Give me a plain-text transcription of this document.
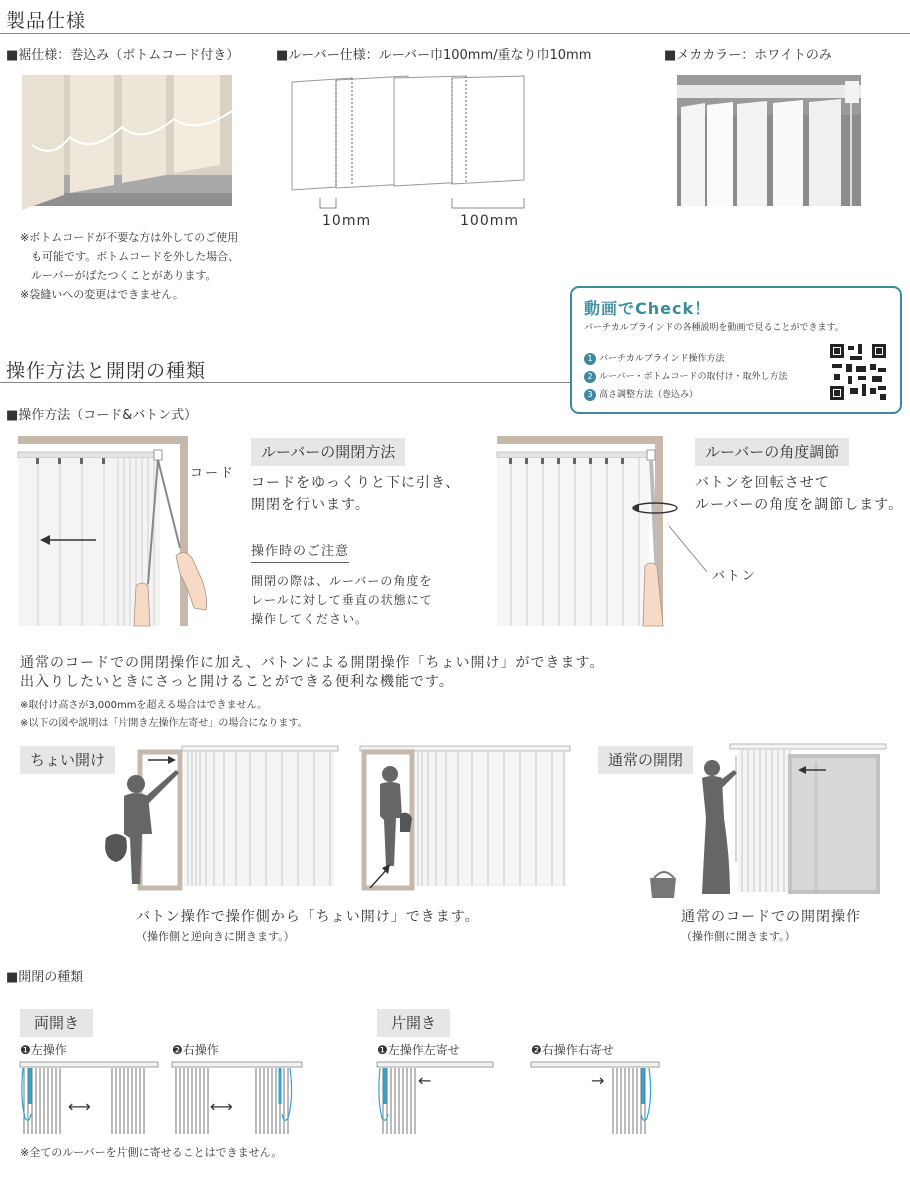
製品仕様
■裾仕様：巻込み（ボトムコード付き）	■ルーバー仕様：ルーバー巾100mm/重なり巾10mm	■メカカラー：ホワイトのみ
10mm	100mm
※ボトムコードが不要な方は外してのご使用
　も可能です。ボトムコードを外した場合、
　ルーバーがばたつくことがあります。
※袋縫いへの変更はできません。
動画でCheck！
バーチカルブラインドの各種説明を動画で見ることができます。
1 バーチカルブラインド操作方法
2 ルーバー・ボトムコードの取付け・取外し方法
3 高さ調整方法（巻込み）
操作方法と開閉の種類
■操作方法（コード&バトン式）
コード
ルーバーの開閉方法
コードをゆっくりと下に引き、
開閉を行います。
操作時のご注意
開閉の際は、ルーバーの角度を
レールに対して垂直の状態にて
操作してください。
バトン
ルーバーの角度調節
バトンを回転させて
ルーバーの角度を調節します。
通常のコードでの開閉操作に加え、バトンによる開閉操作「ちょい開け」ができます。
出入りしたいときにさっと開けることができる便利な機能です。
※取付け高さが3,000mmを超える場合はできません。
※以下の図や説明は「片開き左操作左寄せ」の場合になります。
ちょい開け
バトン操作で操作側から「ちょい開け」できます。
（操作側と逆向きに開きます。）
通常の開閉
通常のコードでの開閉操作
（操作側に開きます。）
■開閉の種類
両開き	片開き
❶左操作	❷右操作	❶左操作左寄せ	❷右操作右寄せ
⟷	⟷
←	→
※全てのルーバーを片側に寄せることはできません。
